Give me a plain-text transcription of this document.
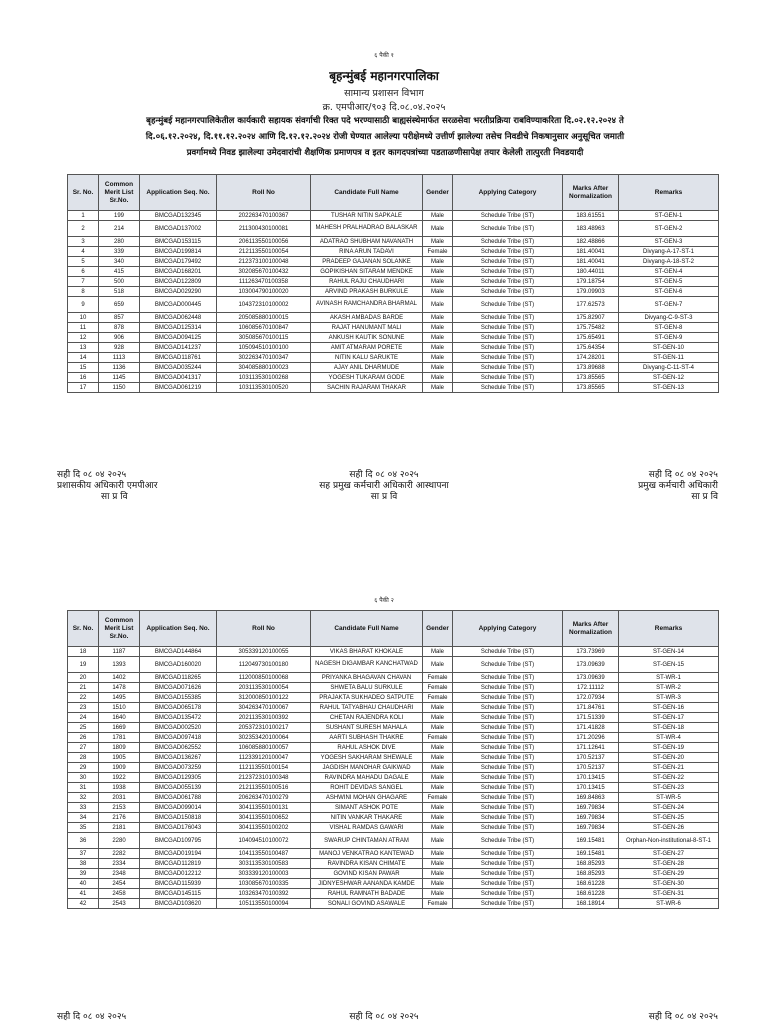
६ पैकी १
बृहन्मुंबई महानगरपालिका
सामान्य प्रशासन विभाग
क्र. एमपीआर/९०३ दि.०८.०४.२०२५
बृहन्मुंबई महानगरपालिकेतील कार्यकारी सहायक संवर्गाची रिक्त पदे भरण्यासाठी बाह्यसंस्थेमार्फत सरळसेवा भरतीप्रक्रिया राबविण्याकरिता दि.०२.१२.२०२४ ते
दि.०६.१२.२०२४, दि.११.१२.२०२४ आणि दि.१२.१२.२०२४ रोजी घेण्यात आलेल्या परीक्षेमध्ये उत्तीर्ण झालेल्या तसेच निवडीचे निकषानुसार अनुसूचित जमाती
प्रवर्गामध्ये निवड झालेल्या उमेदवारांची शैक्षणिक प्रमाणपत्र व इतर कागदपत्रांच्या पडताळणीसापेक्ष तयार केलेली तात्पुरती निवडयादी
Sr. No.	Common Merit List Sr.No.	Application Seq. No.	Roll No	Candidate Full Name	Gender	Applying Category	Marks After Normalization	Remarks
1	199	BMCGAD132345	202263470100367	TUSHAR NITIN SAPKALE	Male	Schedule Tribe (ST)	183.61551	ST-GEN-1
2	214	BMCGAD137002	211300430100081	MAHESH PRALHADRAO BALASKAR	Male	Schedule Tribe (ST)	183.48963	ST-GEN-2
3	280	BMCGAD153115	206113550100056	ADATRAO SHUBHAM NAVANATH	Male	Schedule Tribe (ST)	182.48866	ST-GEN-3
4	339	BMCGAD199814	212113550100054	RINA ARUN TADAVI	Female	Schedule Tribe (ST)	181.40041	Divyang-A-17-ST-1
5	340	BMCGAD179492	212373100100048	PRADEEP GAJANAN SOLANKE	Male	Schedule Tribe (ST)	181.40041	Divyang-A-18-ST-2
6	415	BMCGAD168201	302085670100432	GOPIKISHAN SITARAM MENDKE	Male	Schedule Tribe (ST)	180.44011	ST-GEN-4
7	500	BMCGAD122809	111263470100358	RAHUL RAJU CHAUDHARI	Male	Schedule Tribe (ST)	179.18754	ST-GEN-5
8	518	BMCGAD029290	103004790100020	ARVIND PRAKASH BURKULE	Male	Schedule Tribe (ST)	179.09903	ST-GEN-6
9	659	BMCGAD000445	104372310100002	AVINASH RAMCHANDRA BHARMAL	Male	Schedule Tribe (ST)	177.62573	ST-GEN-7
10	857	BMCGAD062448	205085880100015	AKASH AMBADAS BARDE	Male	Schedule Tribe (ST)	175.82907	Divyang-C-9-ST-3
11	878	BMCGAD125314	106085670100847	RAJAT HANUMANT MALI	Male	Schedule Tribe (ST)	175.75482	ST-GEN-8
12	906	BMCGAD094125	305085670100115	ANKUSH KAUTIK SONUNE	Male	Schedule Tribe (ST)	175.65491	ST-GEN-9
13	928	BMCGAD141237	105094510100100	AMIT ATMARAM PORETE	Male	Schedule Tribe (ST)	175.64354	ST-GEN-10
14	1113	BMCGAD118761	302263470100347	NITIN KALU SARUKTE	Male	Schedule Tribe (ST)	174.28201	ST-GEN-11
15	1136	BMCGAD035244	304085880100023	AJAY ANIL DHARMUDE	Male	Schedule Tribe (ST)	173.89688	Divyang-C-11-ST-4
16	1145	BMCGAD041317	103113530100268	YOGESH TUKARAM GODE	Male	Schedule Tribe (ST)	173.85565	ST-GEN-12
17	1150	BMCGAD061219	103113530100520	SACHIN RAJARAM THAKAR	Male	Schedule Tribe (ST)	173.85565	ST-GEN-13
सही दि ०८ ०४ २०२५
प्रशासकीय अधिकारी एमपीआर
सा प्र वि
सही दि ०८ ०४ २०२५
सह प्रमुख कर्मचारी अधिकारी आस्थापना
सा प्र वि
सही दि ०८ ०४ २०२५
प्रमुख कर्मचारी अधिकारी
सा प्र वि
६ पैकी २
Sr. No.	Common Merit List Sr.No.	Application Seq. No.	Roll No	Candidate Full Name	Gender	Applying Category	Marks After Normalization	Remarks
18	1187	BMCGAD144864	305339120100055	VIKAS BHARAT KHOKALE	Male	Schedule Tribe (ST)	173.73969	ST-GEN-14
19	1393	BMCGAD160020	112049730100180	NAGESH DIGAMBAR KANCHATWAD	Male	Schedule Tribe (ST)	173.09639	ST-GEN-15
20	1402	BMCGAD118265	112000850100068	PRIYANKA BHAGAVAN CHAVAN	Female	Schedule Tribe (ST)	173.09639	ST-WR-1
21	1478	BMCGAD071626	203113530100054	SHWETA BALU SURKULE	Female	Schedule Tribe (ST)	172.11112	ST-WR-2
22	1495	BMCGAD155385	312000850100122	PRAJAKTA SUKHADEO SATPUTE	Female	Schedule Tribe (ST)	172.07934	ST-WR-3
23	1510	BMCGAD065178	304263470100067	RAHUL TATYABHAU CHAUDHARI	Male	Schedule Tribe (ST)	171.84761	ST-GEN-16
24	1640	BMCGAD135472	202113530100392	CHETAN RAJENDRA KOLI	Male	Schedule Tribe (ST)	171.51339	ST-GEN-17
25	1669	BMCGAD002520	205372310100217	SUSHANT SURESH MAHALA	Male	Schedule Tribe (ST)	171.41828	ST-GEN-18
26	1781	BMCGAD097418	302353420100064	AARTI SUBHASH THAKRE	Female	Schedule Tribe (ST)	171.20296	ST-WR-4
27	1809	BMCGAD062552	106085880100057	RAHUL ASHOK DIVE	Male	Schedule Tribe (ST)	171.12641	ST-GEN-19
28	1905	BMCGAD136267	112339120100047	YOGESH SAKHARAM SHEWALE	Male	Schedule Tribe (ST)	170.52137	ST-GEN-20
29	1909	BMCGAD073259	112113550100154	JAGDISH MANOHAR GAIKWAD	Male	Schedule Tribe (ST)	170.52137	ST-GEN-21
30	1922	BMCGAD129305	212372310100348	RAVINDRA MAHADU DAGALE	Male	Schedule Tribe (ST)	170.13415	ST-GEN-22
31	1938	BMCGAD055139	212113550100516	ROHIT DEVIDAS SANGEL	Male	Schedule Tribe (ST)	170.13415	ST-GEN-23
32	2031	BMCGAD061788	206263470100279	ASHWINI MOHAN GHAGARE	Female	Schedule Tribe (ST)	169.84863	ST-WR-5
33	2153	BMCGAD099014	304113550100131	SIMANT ASHOK POTE	Male	Schedule Tribe (ST)	169.79834	ST-GEN-24
34	2176	BMCGAD150818	304113550100652	NITIN VANKAR THAKARE	Male	Schedule Tribe (ST)	169.79834	ST-GEN-25
35	2181	BMCGAD176043	304113550100202	VISHAL RAMDAS GAWARI	Male	Schedule Tribe (ST)	169.79834	ST-GEN-26
36	2280	BMCGAD109795	104094510100072	SWARUP CHINTAMAN ATRAM	Male	Schedule Tribe (ST)	169.15481	Orphan-Non-institutional-8-ST-1
37	2282	BMCGAD019194	104113550100487	MANOJ VENKATRAO KANTEWAD	Male	Schedule Tribe (ST)	169.15481	ST-GEN-27
38	2334	BMCGAD112819	303113530100583	RAVINDRA KISAN CHIMATE	Male	Schedule Tribe (ST)	168.85293	ST-GEN-28
39	2348	BMCGAD012212	303339120100003	GOVIND KISAN PAWAR	Male	Schedule Tribe (ST)	168.85293	ST-GEN-29
40	2454	BMCGAD115939	103085670100335	JIDNYESHWAR AANANDA KAMDE	Male	Schedule Tribe (ST)	168.61228	ST-GEN-30
41	2458	BMCGAD145115	103263470100392	RAHUL RAMNATH BADADE	Male	Schedule Tribe (ST)	168.61228	ST-GEN-31
42	2543	BMCGAD103620	105113550100094	SONALI GOVIND ASAWALE	Female	Schedule Tribe (ST)	168.18914	ST-WR-6
सही दि ०८ ०४ २०२५	सही दि ०८ ०४ २०२५	सही दि ०८ ०४ २०२५
